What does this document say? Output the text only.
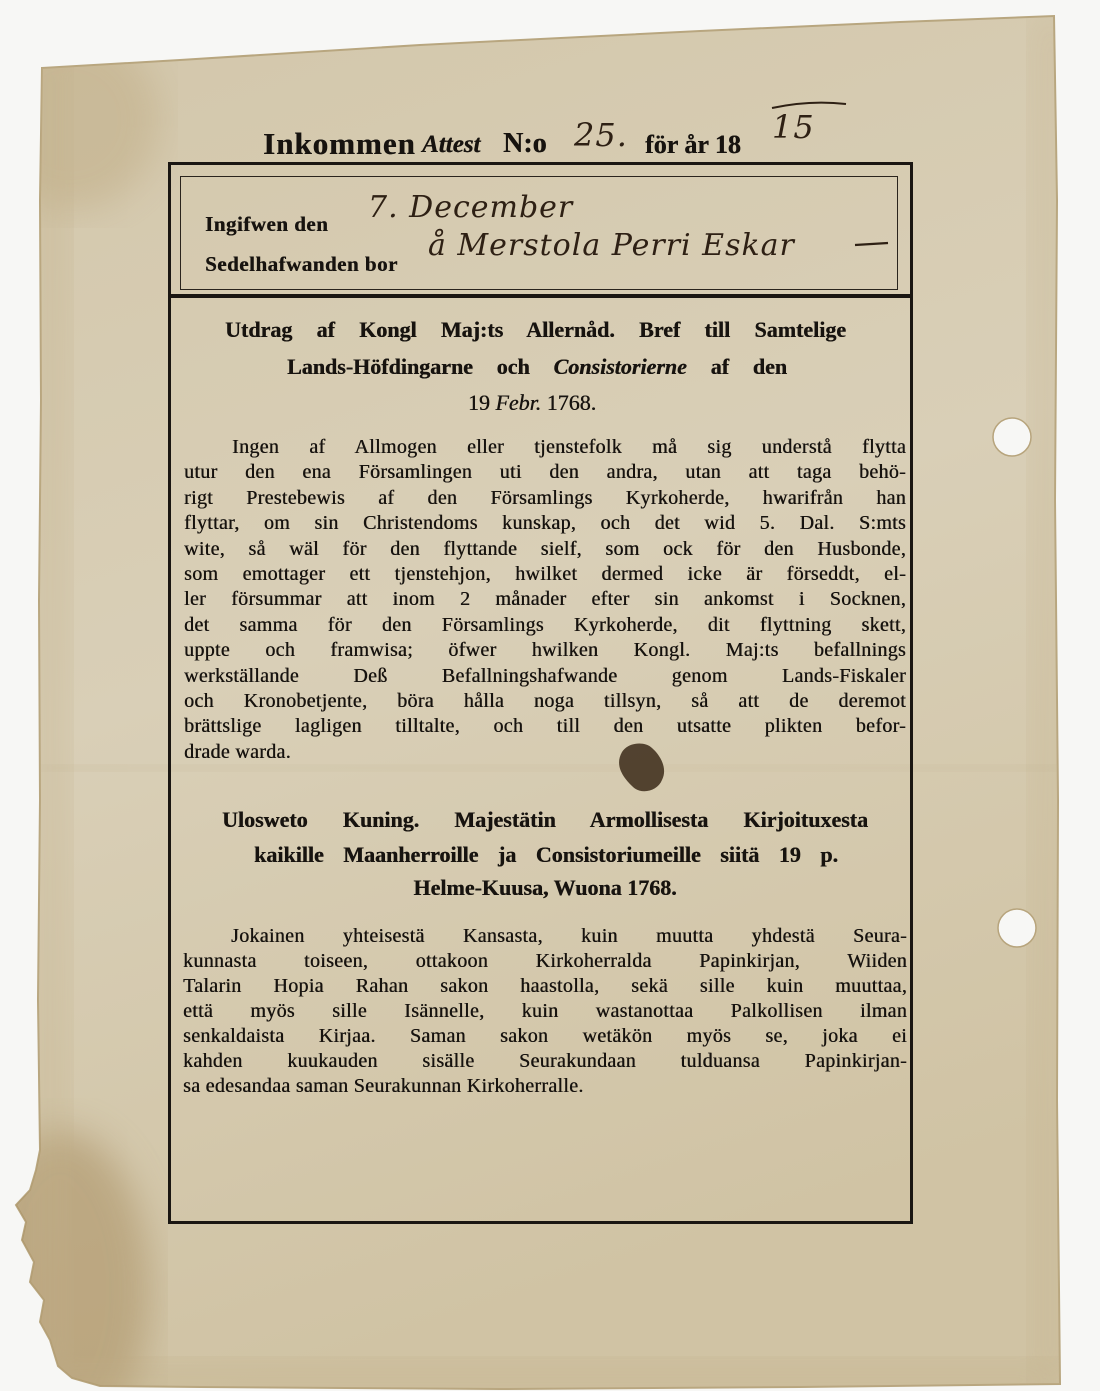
Inkommen Attest N:o 25. för år 18 15
Ingifwen den 7. December
Sedelhafwanden bor
å Merstola Perri Eskar
Utdrag af Kongl Maj:ts Allernåd. Bref till Samtelige
Lands-Höfdingarne och Consistorierne af den
19 Febr. 1768.
Ingen af Allmogen eller tjenstefolk må sig understå flytta
utur den ena Församlingen uti den andra, utan att taga behö-
rigt Prestebewis af den Församlings Kyrkoherde, hwarifrån han
flyttar, om sin Christendoms kunskap, och det wid 5. Dal. S:mts
wite, så wäl för den flyttande sielf, som ock för den Husbonde,
som emottager ett tjenstehjon, hwilket dermed icke är förseddt, el-
ler försummar att inom 2 månader efter sin ankomst i Socknen,
det samma för den Församlings Kyrkoherde, dit flyttning skett,
uppte och framwisa; öfwer hwilken Kongl. Maj:ts befallnings
werkställande Deß Befallningshafwande genom Lands-Fiskaler
och Kronobetjente, böra hålla noga tillsyn, så att de deremot
brättslige lagligen tilltalte, och till den utsatte plikten befor-
drade warda.
Ulosweto Kuning. Majestätin Armollisesta Kirjoituxesta
kaikille Maanherroille ja Consistoriumeille siitä 19 p.
Helme-Kuusa, Wuona 1768.
Jokainen yhteisestä Kansasta, kuin muutta yhdestä Seura-
kunnasta toiseen, ottakoon Kirkoherralda Papinkirjan, Wiiden
Talarin Hopia Rahan sakon haastolla, sekä sille kuin muuttaa,
että myös sille Isännelle, kuin wastanottaa Palkollisen ilman
senkaldaista Kirjaa. Saman sakon wetäkön myös se, joka ei
kahden kuukauden sisälle Seurakundaan tulduansa Papinkirjan-
sa edesandaa saman Seurakunnan Kirkoherralle.
